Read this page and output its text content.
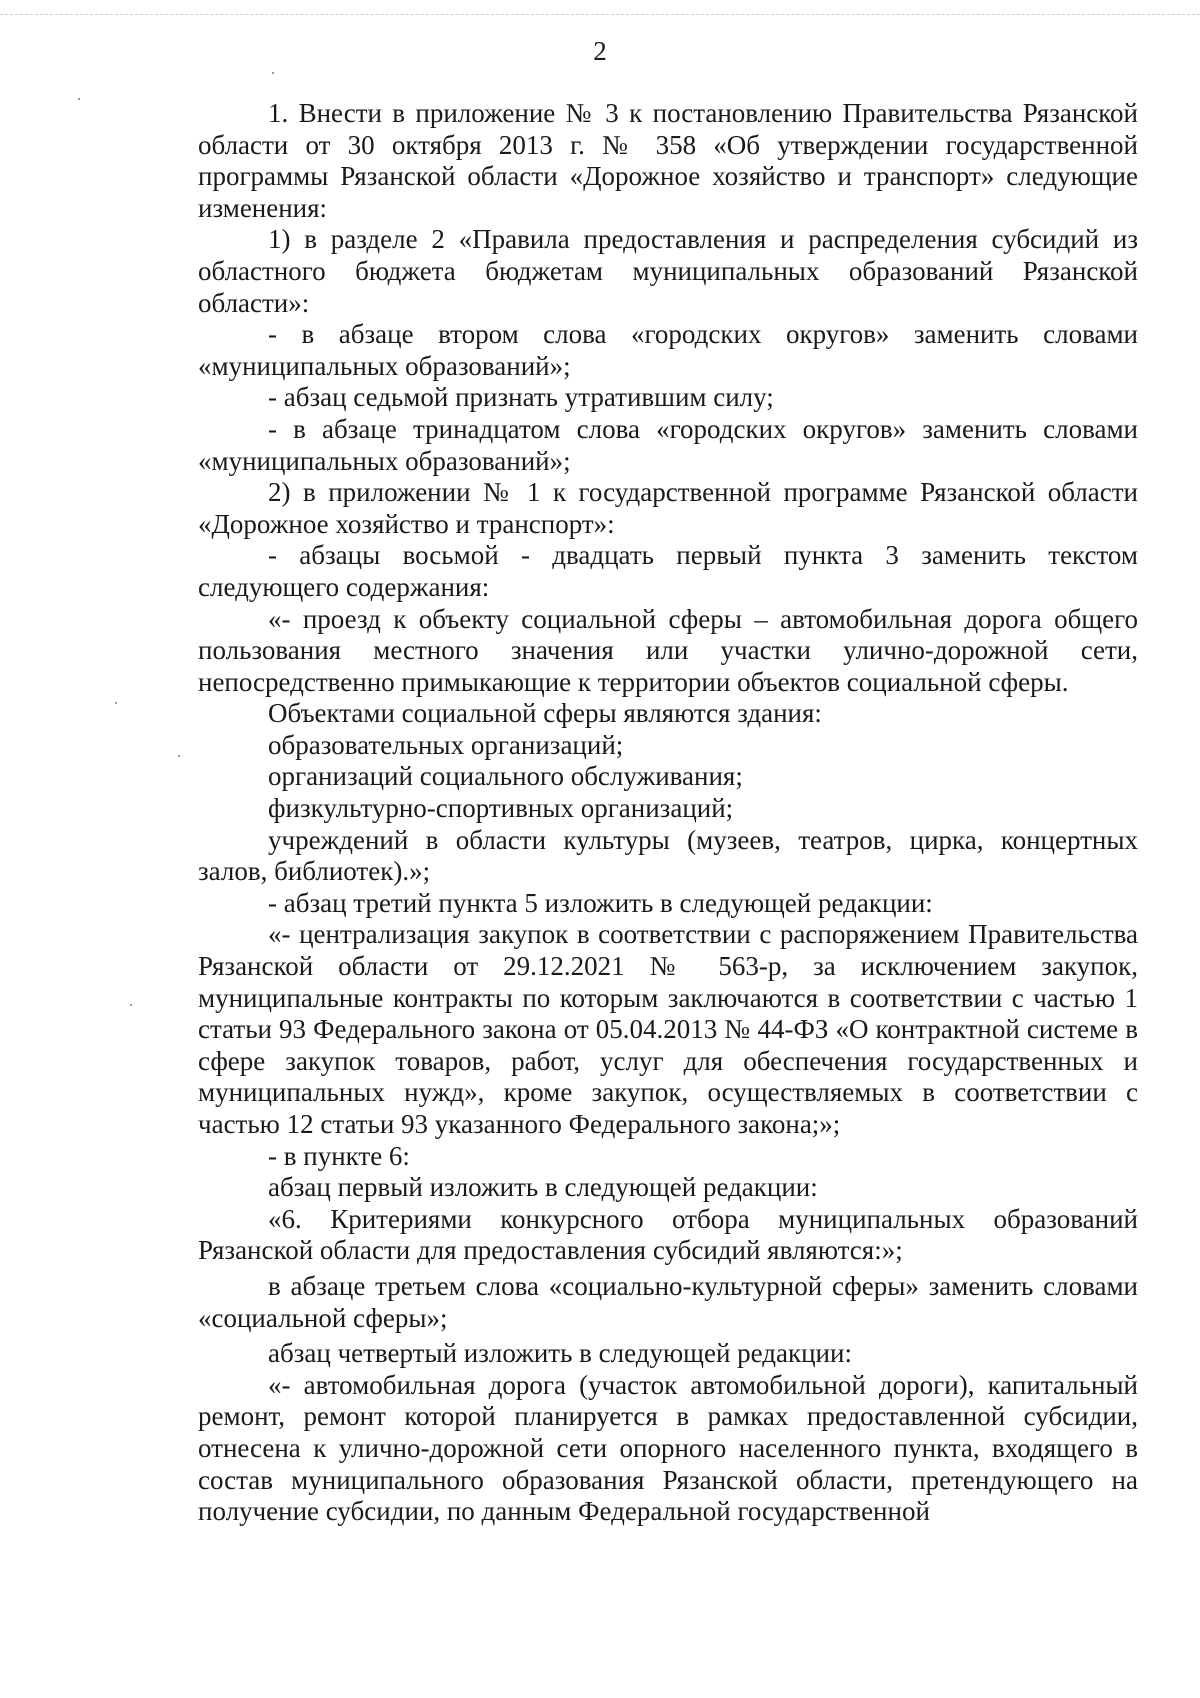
2

1. Внести в приложение № 3 к постановлению Правительства Рязанской области от 30 октября 2013 г. № 358 «Об утверждении государственной программы Рязанской области «Дорожное хозяйство и транспорт» следующие изменения:

1) в разделе 2 «Правила предоставления и распределения субсидий из областного бюджета бюджетам муниципальных образований Рязанской области»:

- в абзаце втором слова «городских округов» заменить словами «муниципальных образований»;

- абзац седьмой признать утратившим силу;

- в абзаце тринадцатом слова «городских округов» заменить словами «муниципальных образований»;

2) в приложении № 1 к государственной программе Рязанской области «Дорожное хозяйство и транспорт»:

- абзацы восьмой - двадцать первый пункта 3 заменить текстом следующего содержания:

«- проезд к объекту социальной сферы – автомобильная дорога общего пользования местного значения или участки улично-дорожной сети, непосредственно примыкающие к территории объектов социальной сферы.

Объектами социальной сферы являются здания:

образовательных организаций;

организаций социального обслуживания;

физкультурно-спортивных организаций;

учреждений в области культуры (музеев, театров, цирка, концертных залов, библиотек).»;

- абзац третий пункта 5 изложить в следующей редакции:

«- централизация закупок в соответствии с распоряжением Правительства Рязанской области от 29.12.2021 № 563-р, за исключением закупок, муниципальные контракты по которым заключаются в соответствии с частью 1 статьи 93 Федерального закона от 05.04.2013 № 44-ФЗ «О контрактной системе в сфере закупок товаров, работ, услуг для обеспечения государственных и муниципальных нужд», кроме закупок, осуществляемых в соответствии с частью 12 статьи 93 указанного Федерального закона;»;

- в пункте 6:

абзац первый изложить в следующей редакции:

«6. Критериями конкурсного отбора муниципальных образований Рязанской области для предоставления субсидий являются:»;

в абзаце третьем слова «социально-культурной сферы» заменить словами «социальной сферы»;

абзац четвертый изложить в следующей редакции:

«- автомобильная дорога (участок автомобильной дороги), капитальный ремонт, ремонт которой планируется в рамках предоставленной субсидии, отнесена к улично-дорожной сети опорного населенного пункта, входящего в состав муниципального образования Рязанской области, претендующего на получение субсидии, по данным Федеральной государственной
